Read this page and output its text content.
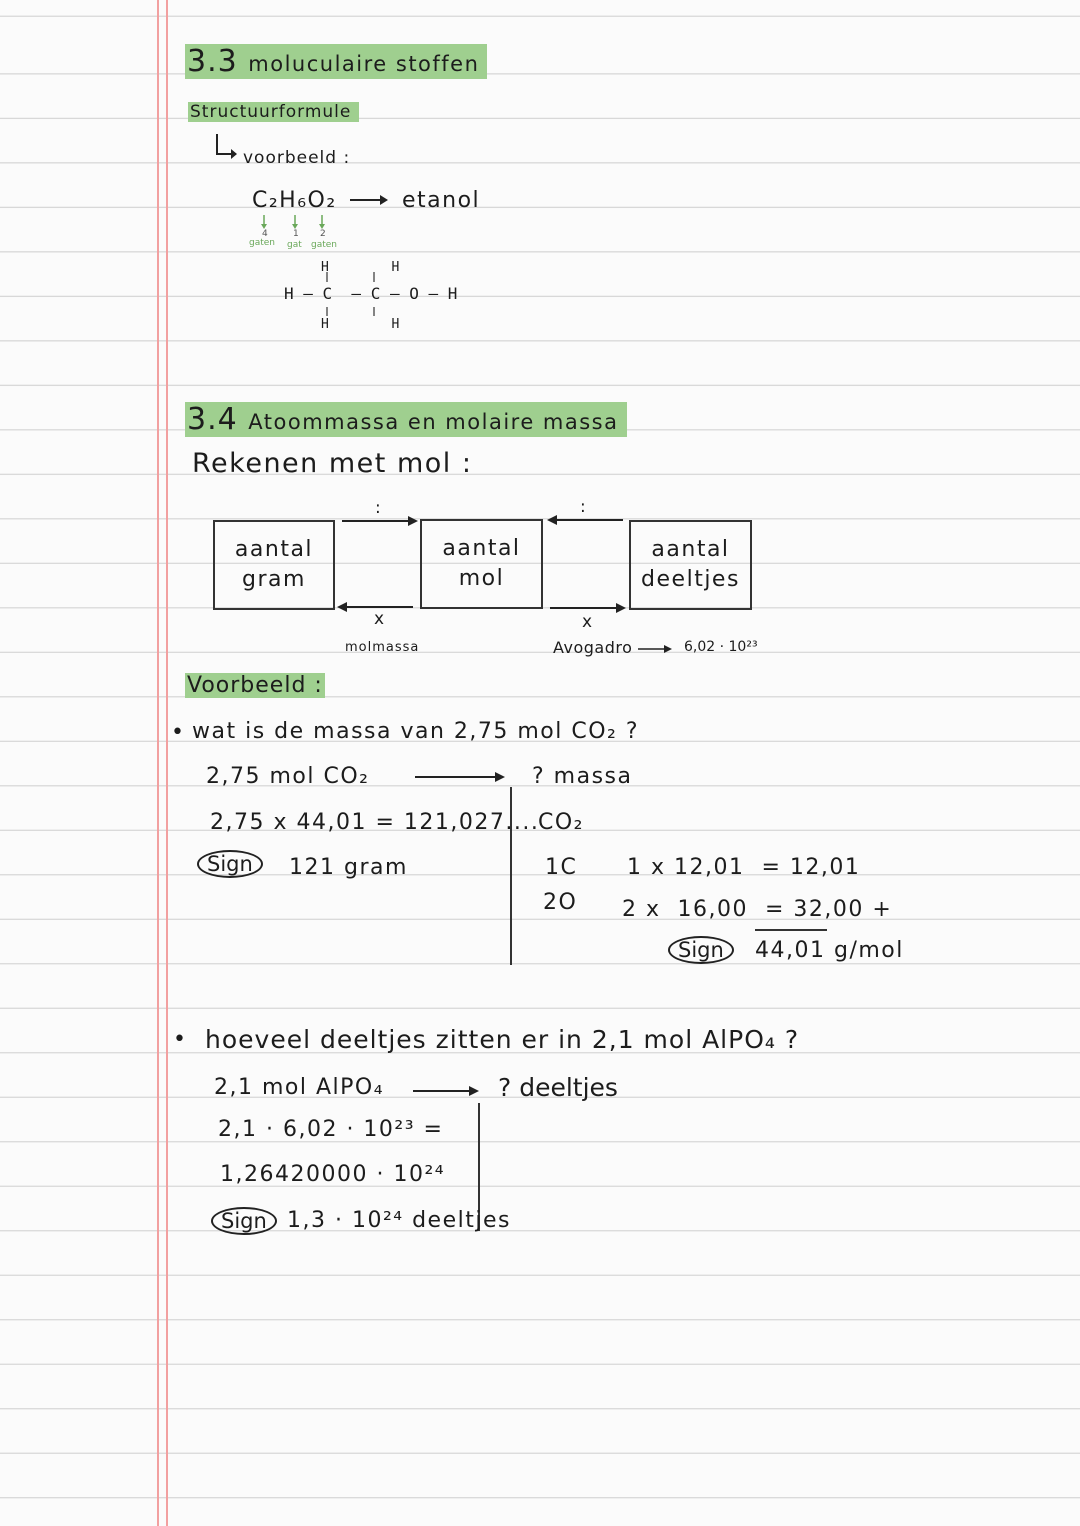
3.3 moluculaire stoffen
Structuurformule
voorbeeld :
C₂H₆O₂	etanol
4	1 2
gaten gat gaten
H        H
H – C  – C – O – H
H        H
3.4 Atoommassa en molaire massa
Rekenen met mol :
aantal
gram
aantal
mol
aantal
deeltjes
:
x
:
x
molmassa	Avogadro	6,02 · 10²³
Voorbeeld :
• wat is de massa van 2,75 mol CO₂ ?
2,75 mol CO₂	? massa
2,75 x 44,01 = 121,027....
CO₂
Sign	121 gram	1C 1 x 12,01  = 12,01
2O 2 x  16,00  = 32,00 +
Sign	44,01 g/mol
• hoeveel deeltjes zitten er in 2,1 mol AlPO₄ ?
2,1 mol AlPO₄	? deeltjes
2,1 · 6,02 · 10²³ =
1,26420000 · 10²⁴
Sign 1,3 · 10²⁴ deeltjes
